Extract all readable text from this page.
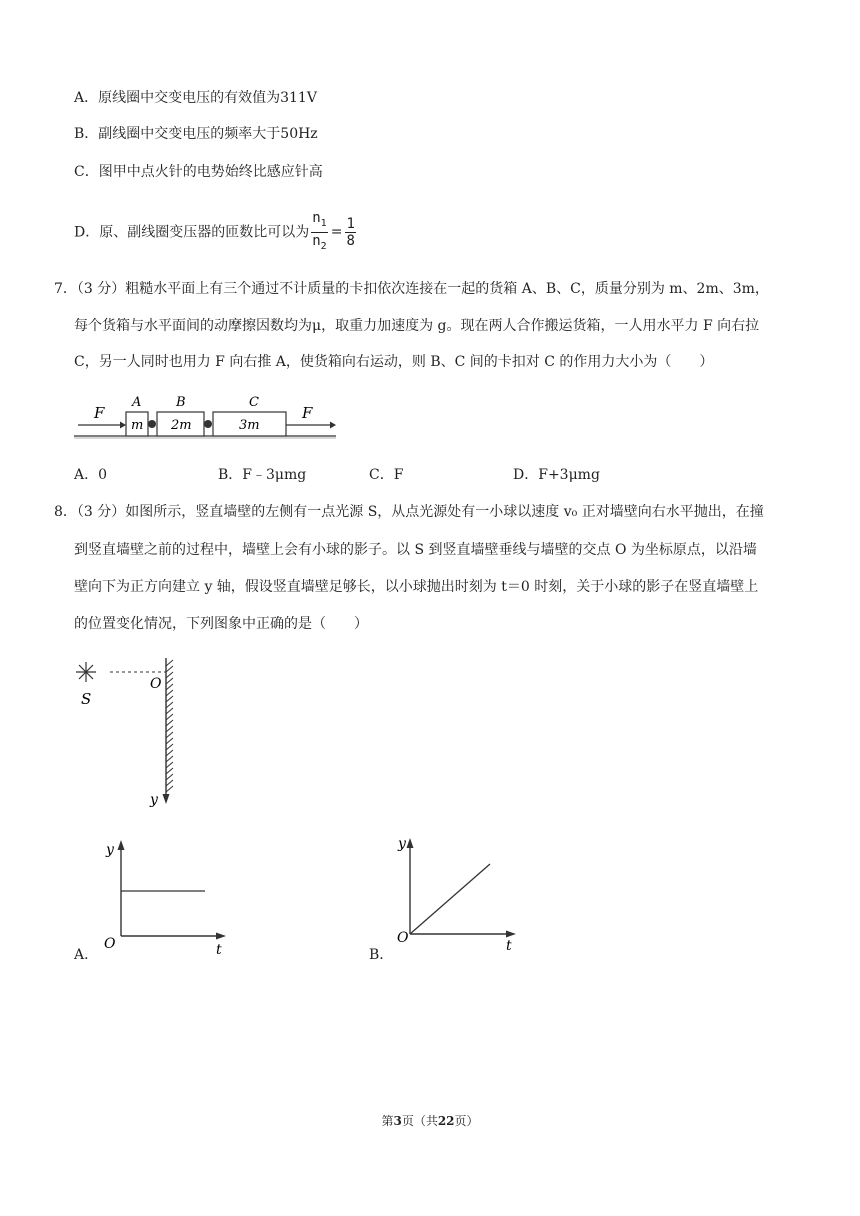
A．原线圈中交变电压的有效值为311V
B．副线圈中交变电压的频率大于50Hz
C．图甲中点火针的电势始终比感应针高
D．原、副线圈变压器的匝数比可以为 $\frac{n_1}{n_2} = \frac{1}{8}$
7．（3 分）粗糙水平面上有三个通过不计质量的卡扣依次连接在一起的货箱 A、B、C，质量分别为 m、2m、3m，
每个货箱与水平面间的动摩擦因数均为μ，取重力加速度为 g。现在两人合作搬运货箱，一人用水平力 F 向右拉
C，另一人同时也用力 F 向右推 A，使货箱向右运动，则 B、C 间的卡扣对 C 的作用力大小为（　　）
F
m
A
2m
B
3m
C
F
A．0	B．F﹣3μmg	C．F	D．F+3μmg
8．（3 分）如图所示，竖直墙壁的左侧有一点光源 S，从点光源处有一小球以速度 v₀ 正对墙壁向右水平抛出，在撞
到竖直墙壁之前的过程中，墙壁上会有小球的影子。以 S 到竖直墙壁垂线与墙壁的交点 O 为坐标原点，以沿墙
壁向下为正方向建立 y 轴，假设竖直墙壁足够长，以小球抛出时刻为 t＝0 时刻，关于小球的影子在竖直墙壁上
的位置变化情况，下列图象中正确的是（　　）
S
O
y
y
t
O
A．
y
t
O
B．
第3页（共22页）
